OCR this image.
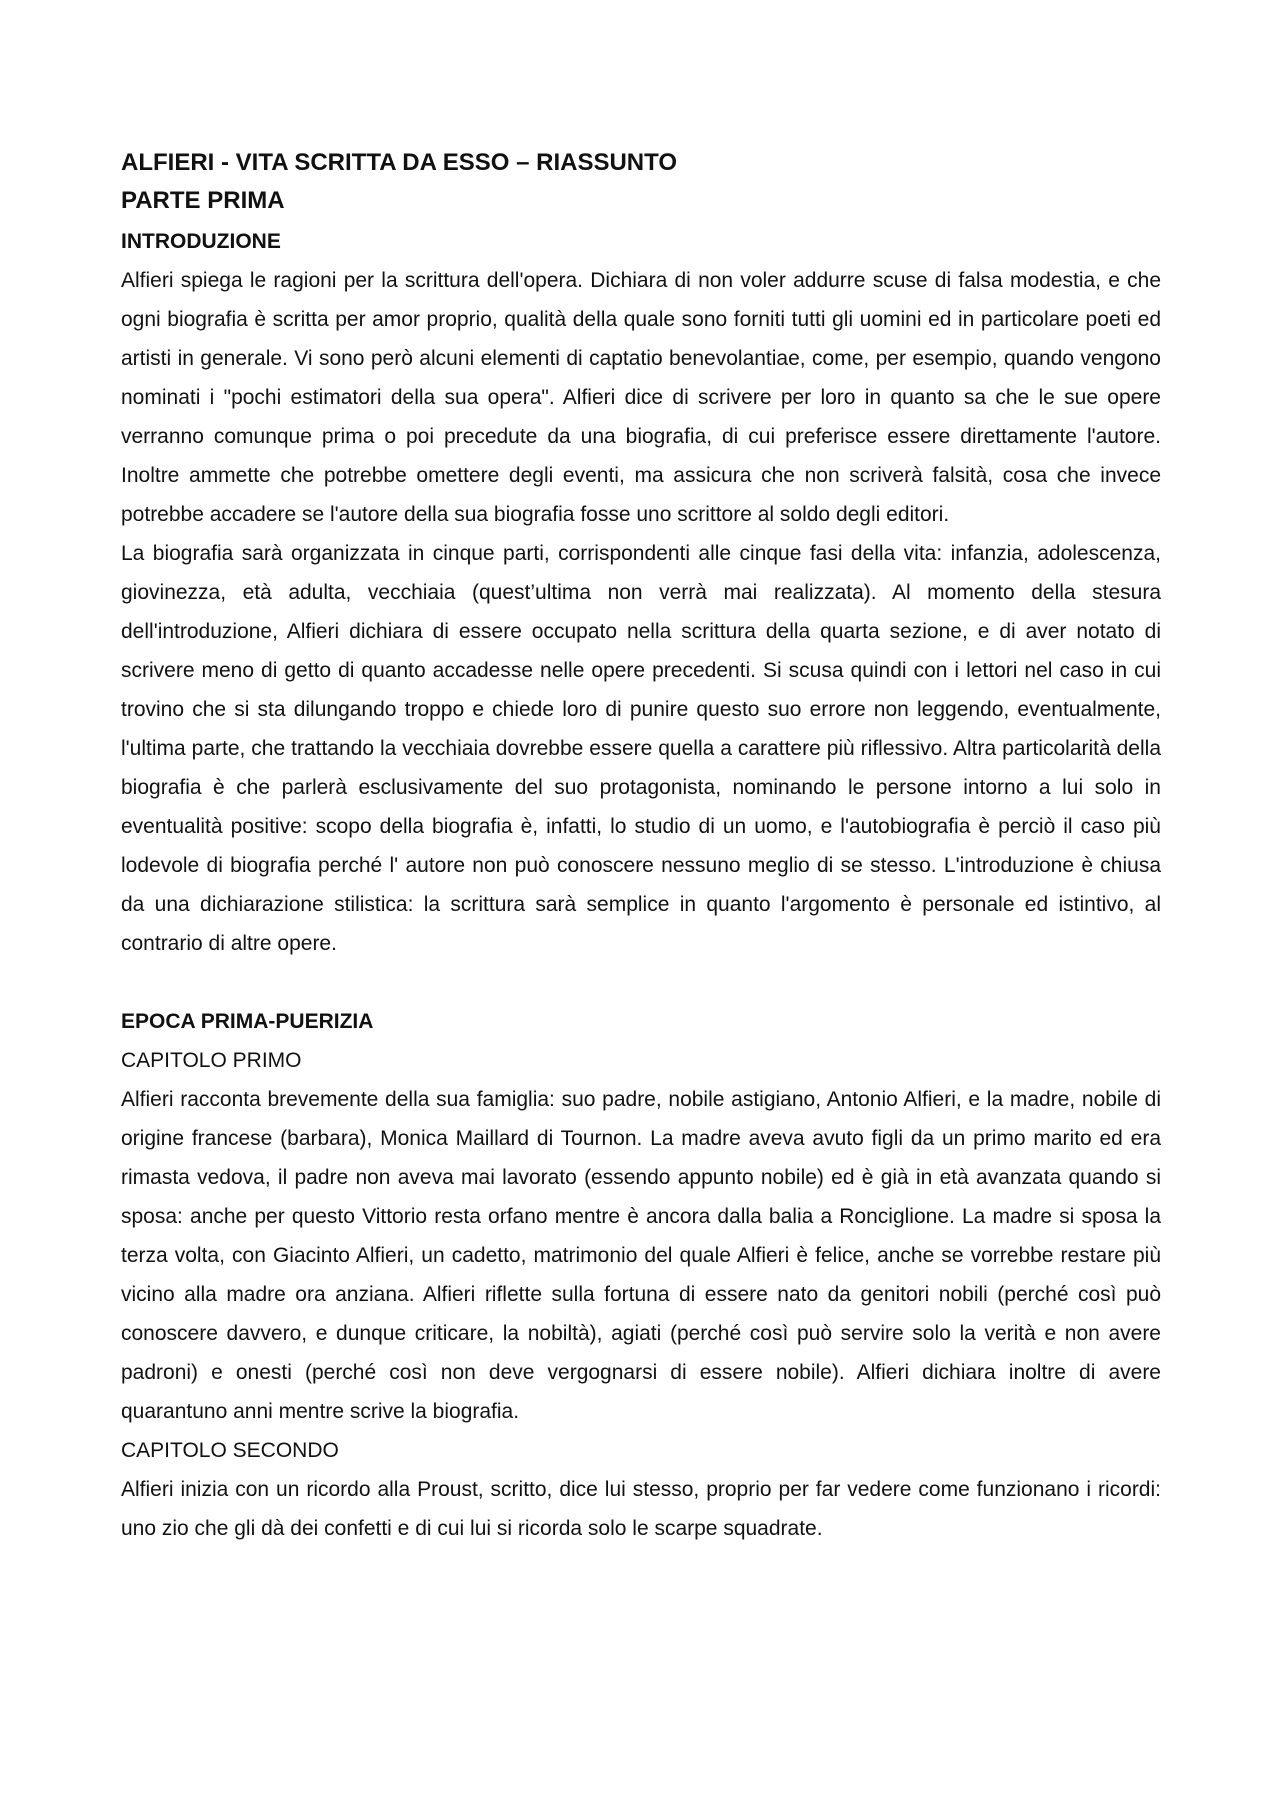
ALFIERI - VITA SCRITTA DA ESSO – RIASSUNTO
PARTE PRIMA
INTRODUZIONE

Alfieri spiega le ragioni per la scrittura dell'opera. Dichiara di non voler addurre scuse di falsa modestia, e che ogni biografia è scritta per amor proprio, qualità della quale sono forniti tutti gli uomini ed in particolare poeti ed artisti in generale. Vi sono però alcuni elementi di captatio benevolantiae, come, per esempio, quando vengono nominati i "pochi estimatori della sua opera". Alfieri dice di scrivere per loro in quanto sa che le sue opere verranno comunque prima o poi precedute da una biografia, di cui preferisce essere direttamente l'autore. Inoltre ammette che potrebbe omettere degli eventi, ma assicura che non scriverà falsità, cosa che invece potrebbe accadere se l'autore della sua biografia fosse uno scrittore al soldo degli editori.

La biografia sarà organizzata in cinque parti, corrispondenti alle cinque fasi della vita: infanzia, adolescenza, giovinezza, età adulta, vecchiaia (quest’ultima non verrà mai realizzata). Al momento della stesura dell'introduzione, Alfieri dichiara di essere occupato nella scrittura della quarta sezione, e di aver notato di scrivere meno di getto di quanto accadesse nelle opere precedenti. Si scusa quindi con i lettori nel caso in cui trovino che si sta dilungando troppo e chiede loro di punire questo suo errore non leggendo, eventualmente, l'ultima parte, che trattando la vecchiaia dovrebbe essere quella a carattere più riflessivo. Altra particolarità della biografia è che parlerà esclusivamente del suo protagonista, nominando le persone intorno a lui solo in eventualità positive: scopo della biografia è, infatti, lo studio di un uomo, e l'autobiografia è perciò il caso più lodevole di biografia perché l' autore non può conoscere nessuno meglio di se stesso. L'introduzione è chiusa da una dichiarazione stilistica: la scrittura sarà semplice in quanto l'argomento è personale ed istintivo, al contrario di altre opere.

EPOCA PRIMA-PUERIZIA
CAPITOLO PRIMO

Alfieri racconta brevemente della sua famiglia: suo padre, nobile astigiano, Antonio Alfieri, e la madre, nobile di origine francese (barbara), Monica Maillard di Tournon. La madre aveva avuto figli da un primo marito ed era rimasta vedova, il padre non aveva mai lavorato (essendo appunto nobile) ed è già in età avanzata quando si sposa: anche per questo Vittorio resta orfano mentre è ancora dalla balia a Ronciglione. La madre si sposa la terza volta, con Giacinto Alfieri, un cadetto, matrimonio del quale Alfieri è felice, anche se vorrebbe restare più vicino alla madre ora anziana. Alfieri riflette sulla fortuna di essere nato da genitori nobili (perché così può conoscere davvero, e dunque criticare, la nobiltà), agiati (perché così può servire solo la verità e non avere padroni) e onesti (perché così non deve vergognarsi di essere nobile). Alfieri dichiara inoltre di avere quarantuno anni mentre scrive la biografia.

CAPITOLO SECONDO

Alfieri inizia con un ricordo alla Proust, scritto, dice lui stesso, proprio per far vedere come funzionano i ricordi: uno zio che gli dà dei confetti e di cui lui si ricorda solo le scarpe squadrate.
